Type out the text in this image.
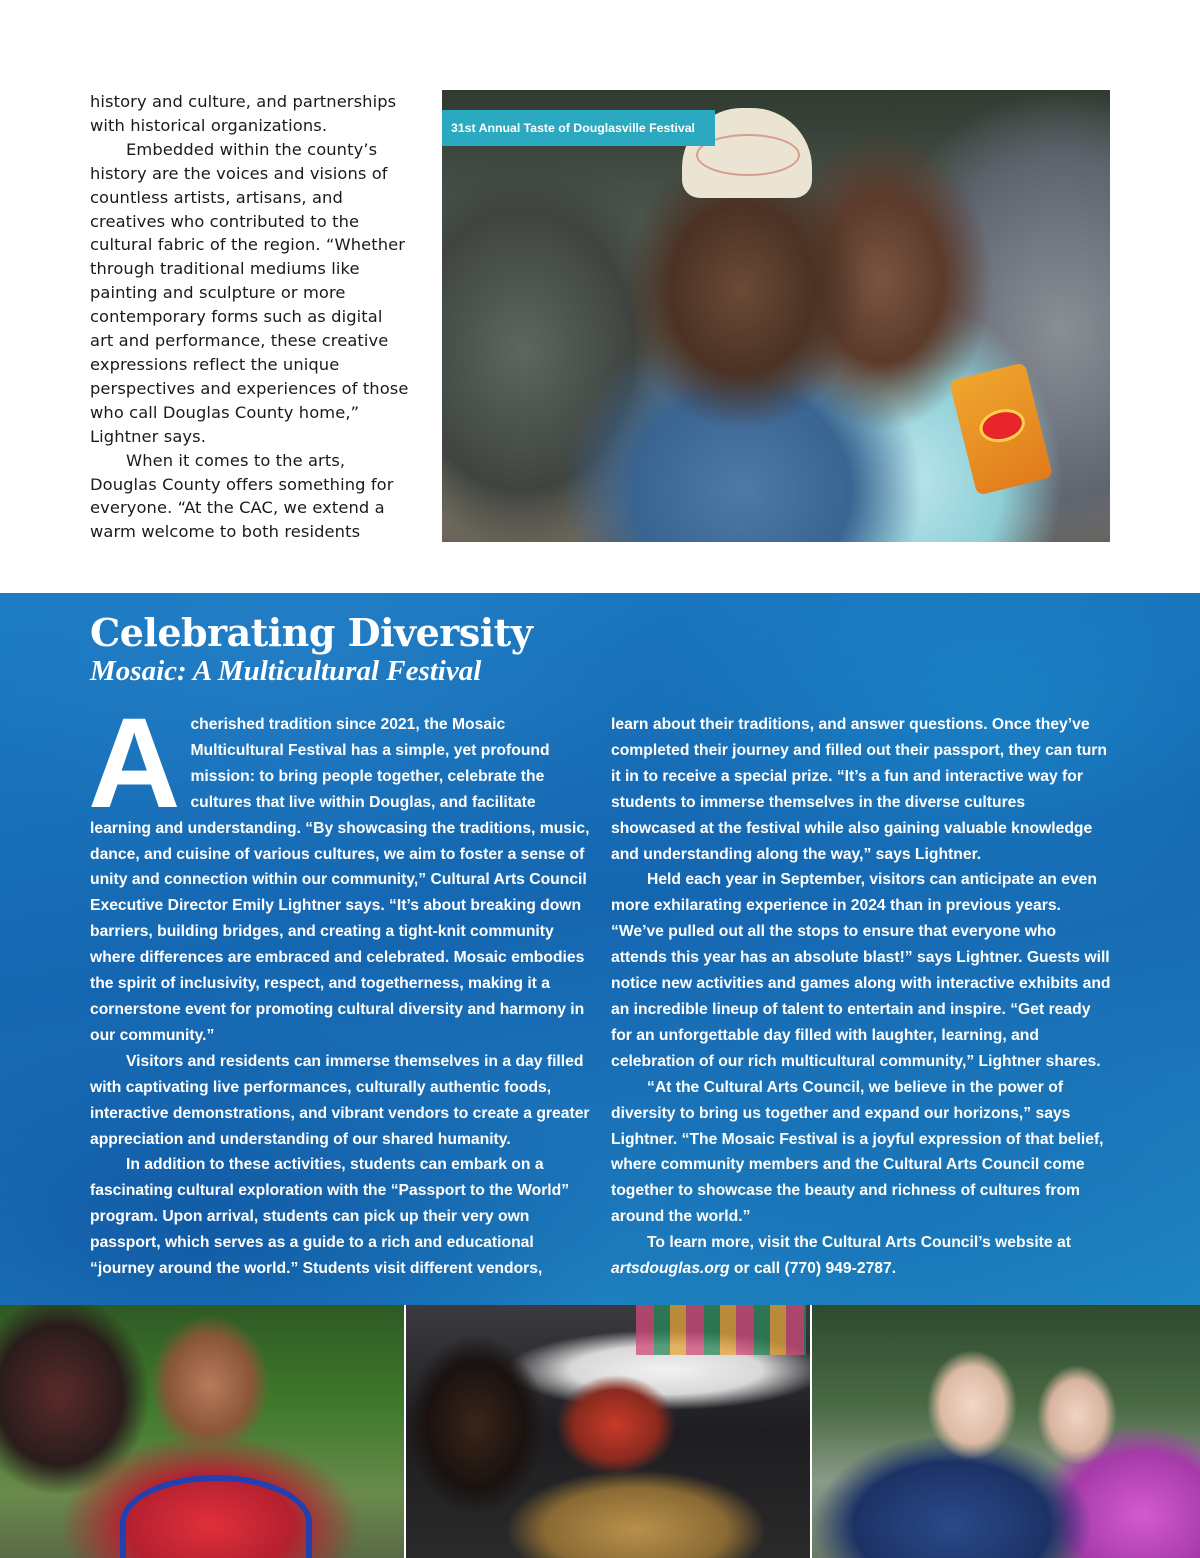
history and culture, and partnerships with historical organizations.

Embedded within the county’s history are the voices and visions of countless artists, artisans, and creatives who contributed to the cultural fabric of the region. “Whether through traditional mediums like painting and sculpture or more contemporary forms such as digital art and performance, these creative expressions reflect the unique perspectives and experiences of those who call Douglas County home,” Lightner says.

When it comes to the arts, Douglas County offers something for everyone. “At the CAC, we extend a warm welcome to both residents

31st Annual Taste of Douglasville Festival
Celebrating Diversity
Mosaic: A Multicultural Festival
A cherished tradition since 2021, the Mosaic Multicultural Festival has a simple, yet profound mission: to bring people together, celebrate the cultures that live within Douglas, and facilitate learning and understanding. “By showcasing the traditions, music, dance, and cuisine of various cultures, we aim to foster a sense of unity and connection within our community,” Cultural Arts Council Executive Director Emily Lightner says. “It’s about breaking down barriers, building bridges, and creating a tight-knit community where differences are embraced and celebrated. Mosaic embodies the spirit of inclusivity, respect, and togetherness, making it a cornerstone event for promoting cultural diversity and harmony in our community.”

Visitors and residents can immerse themselves in a day filled with captivating live performances, culturally authentic foods, interactive demonstrations, and vibrant vendors to create a greater appreciation and understanding of our shared humanity.

In addition to these activities, students can embark on a fascinating cultural exploration with the “Passport to the World” program. Upon arrival, students can pick up their very own passport, which serves as a guide to a rich and educational “journey around the world.” Students visit different vendors,

learn about their traditions, and answer questions. Once they’ve completed their journey and filled out their passport, they can turn it in to receive a special prize. “It’s a fun and interactive way for students to immerse themselves in the diverse cultures showcased at the festival while also gaining valuable knowledge and understanding along the way,” says Lightner.

Held each year in September, visitors can anticipate an even more exhilarating experience in 2024 than in previous years. “We’ve pulled out all the stops to ensure that everyone who attends this year has an absolute blast!” says Lightner. Guests will notice new activities and games along with interactive exhibits and an incredible lineup of talent to entertain and inspire. “Get ready for an unforgettable day filled with laughter, learning, and celebration of our rich multicultural community,” Lightner shares.

“At the Cultural Arts Council, we believe in the power of diversity to bring us together and expand our horizons,” says Lightner. “The Mosaic Festival is a joyful expression of that belief, where community members and the Cultural Arts Council come together to showcase the beauty and richness of cultures from around the world.”

To learn more, visit the Cultural Arts Council’s website at
artsdouglas.org or call (770) 949-2787.
